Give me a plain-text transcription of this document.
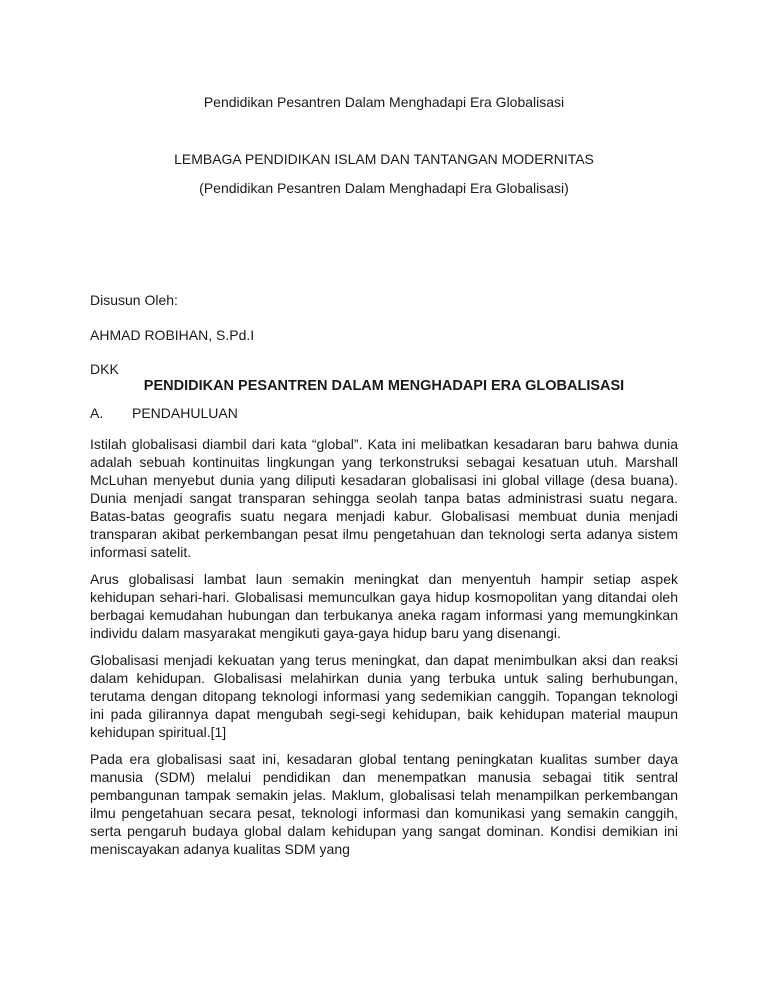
Pendidikan Pesantren Dalam Menghadapi Era Globalisasi
LEMBAGA PENDIDIKAN ISLAM DAN TANTANGAN MODERNITAS
(Pendidikan Pesantren Dalam Menghadapi Era Globalisasi)
Disusun Oleh:
AHMAD ROBIHAN, S.Pd.I
DKK
PENDIDIKAN PESANTREN DALAM MENGHADAPI ERA GLOBALISASI
A. PENDAHULUAN

Istilah globalisasi diambil dari kata “global”. Kata ini melibatkan kesadaran baru bahwa dunia adalah sebuah kontinuitas lingkungan yang terkonstruksi sebagai kesatuan utuh. Marshall McLuhan menyebut dunia yang diliputi kesadaran globalisasi ini global village (desa buana). Dunia menjadi sangat transparan sehingga seolah tanpa batas administrasi suatu negara. Batas-batas geografis suatu negara menjadi kabur. Globalisasi membuat dunia menjadi transparan akibat perkembangan pesat ilmu pengetahuan dan teknologi serta adanya sistem informasi satelit.

Arus globalisasi lambat laun semakin meningkat dan menyentuh hampir setiap aspek kehidupan sehari-hari. Globalisasi memunculkan gaya hidup kosmopolitan yang ditandai oleh berbagai kemudahan hubungan dan terbukanya aneka ragam informasi yang memungkinkan individu dalam masyarakat mengikuti gaya-gaya hidup baru yang disenangi.

Globalisasi menjadi kekuatan yang terus meningkat, dan dapat menimbulkan aksi dan reaksi dalam kehidupan. Globalisasi melahirkan dunia yang terbuka untuk saling berhubungan, terutama dengan ditopang teknologi informasi yang sedemikian canggih. Topangan teknologi ini pada gilirannya dapat mengubah segi-segi kehidupan, baik kehidupan material maupun kehidupan spiritual.[1]

Pada era globalisasi saat ini, kesadaran global tentang peningkatan kualitas sumber daya manusia (SDM) melalui pendidikan dan menempatkan manusia sebagai titik sentral pembangunan tampak semakin jelas. Maklum, globalisasi telah menampilkan perkembangan ilmu pengetahuan secara pesat, teknologi informasi dan komunikasi yang semakin canggih, serta pengaruh budaya global dalam kehidupan yang sangat dominan. Kondisi demikian ini meniscayakan adanya kualitas SDM yang
